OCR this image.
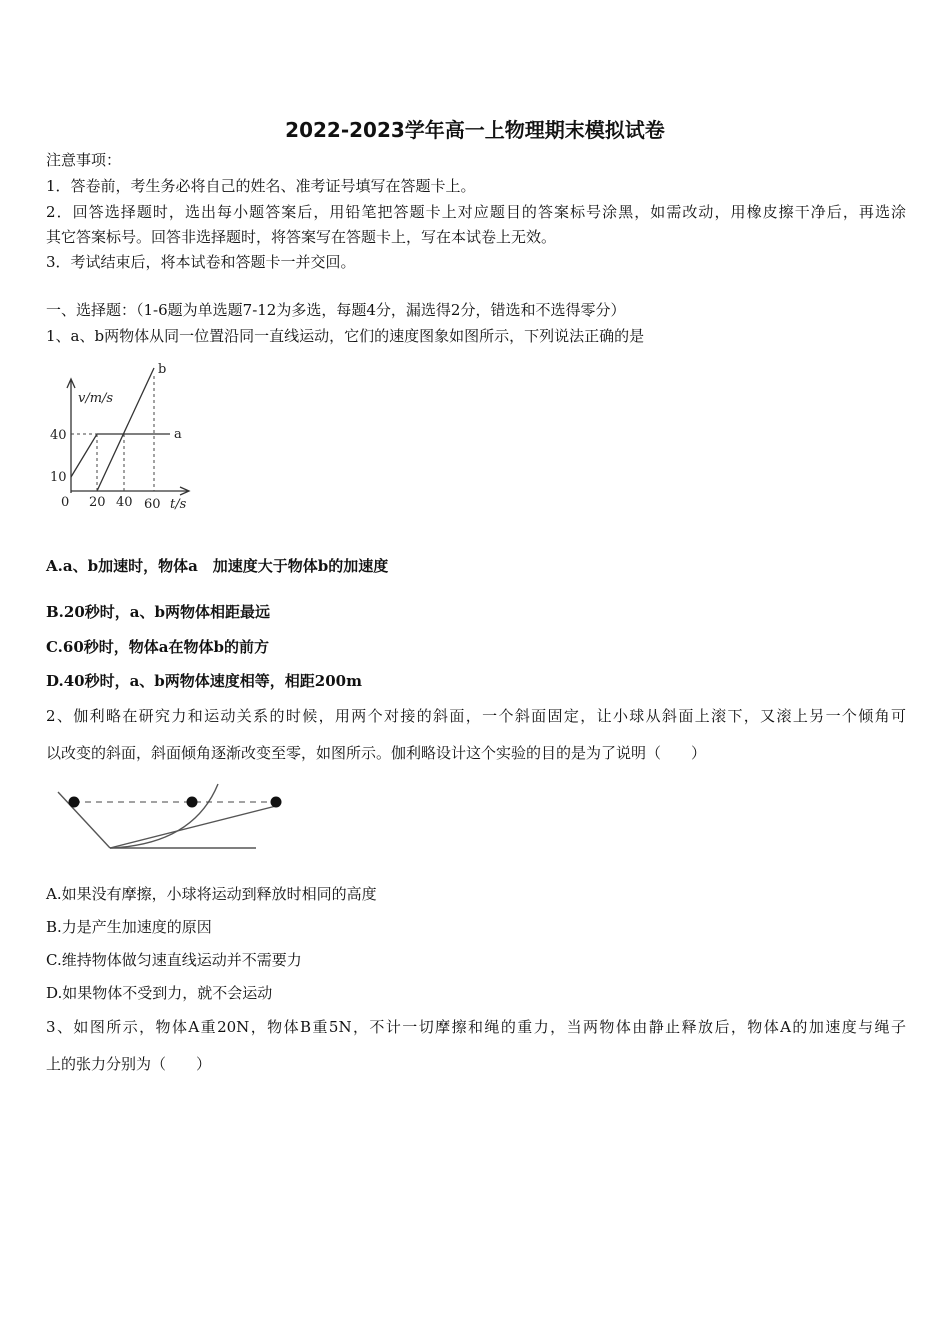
2022-2023学年高一上物理期末模拟试卷
注意事项：
1．答卷前，考生务必将自己的姓名、准考证号填写在答题卡上。
2．回答选择题时，选出每小题答案后，用铅笔把答题卡上对应题目的答案标号涂黑，如需改动，用橡皮擦干净后，再选涂
其它答案标号。回答非选择题时，将答案写在答题卡上，写在本试卷上无效。
3．考试结束后，将本试卷和答题卡一并交回。
一、选择题：（1-6题为单选题7-12为多选，每题4分，漏选得2分，错选和不选得零分）
1、a、b两物体从同一位置沿同一直线运动，它们的速度图象如图所示，下列说法正确的是
v/m/s
t/s
0
40
10
20 40 60
a
b
A.a、b加速时，物体a　加速度大于物体b的加速度
B.20秒时，a、b两物体相距最远
C.60秒时，物体a在物体b的前方
D.40秒时，a、b两物体速度相等，相距200m
2、伽利略在研究力和运动关系的时候，用两个对接的斜面，一个斜面固定，让小球从斜面上滚下，又滚上另一个倾角可
以改变的斜面，斜面倾角逐渐改变至零，如图所示。伽利略设计这个实验的目的是为了说明（　　）
A.如果没有摩擦，小球将运动到释放时相同的高度
B.力是产生加速度的原因
C.维持物体做匀速直线运动并不需要力
D.如果物体不受到力，就不会运动
3、如图所示，物体A重20N，物体B重5N，不计一切摩擦和绳的重力，当两物体由静止释放后，物体A的加速度与绳子
上的张力分别为（　　）
